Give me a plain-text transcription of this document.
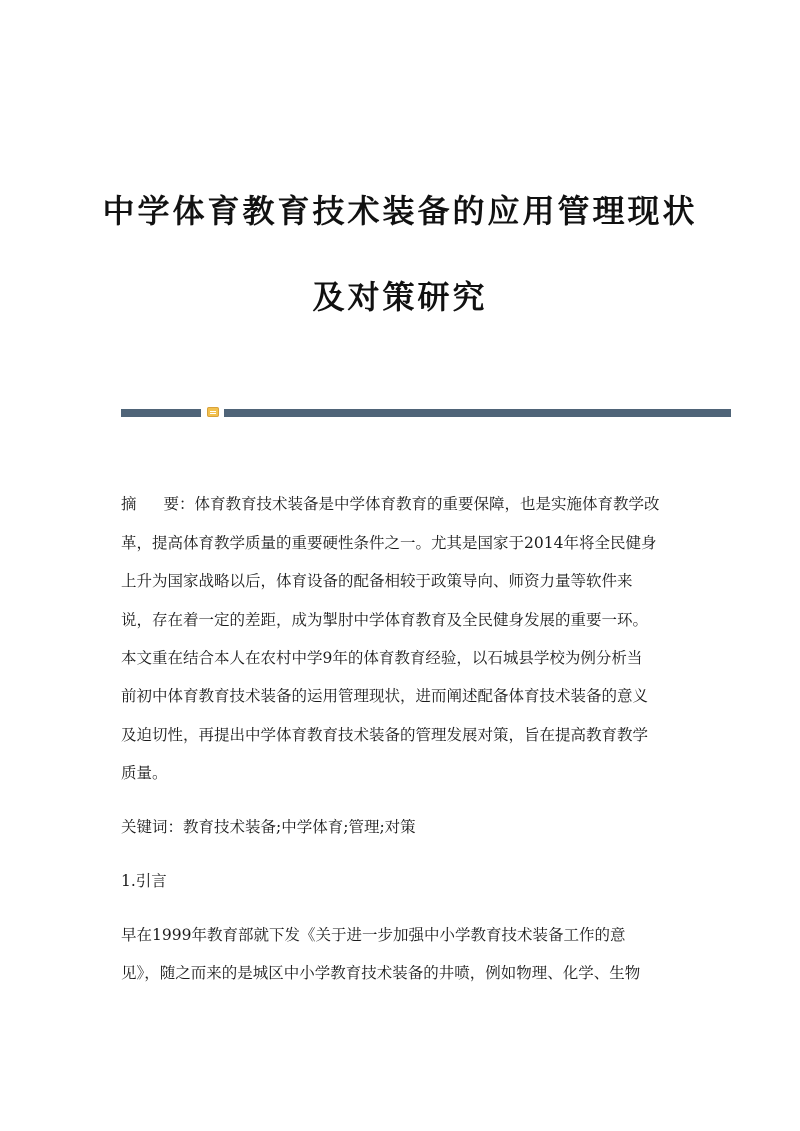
中学体育教育技术装备的应用管理现状
及对策研究
摘 要：体育教育技术装备是中学体育教育的重要保障，也是实施体育教学改
革，提高体育教学质量的重要硬性条件之一。尤其是国家于2014年将全民健身
上升为国家战略以后，体育设备的配备相较于政策导向、师资力量等软件来
说，存在着一定的差距，成为掣肘中学体育教育及全民健身发展的重要一环。
本文重在结合本人在农村中学9年的体育教育经验，以石城县学校为例分析当
前初中体育教育技术装备的运用管理现状，进而阐述配备体育技术装备的意义
及迫切性，再提出中学体育教育技术装备的管理发展对策，旨在提高教育教学
质量。
关键词：教育技术装备;中学体育;管理;对策
1.引言
早在1999年教育部就下发《关于进一步加强中小学教育技术装备工作的意
见》，随之而来的是城区中小学教育技术装备的井喷，例如物理、化学、生物
